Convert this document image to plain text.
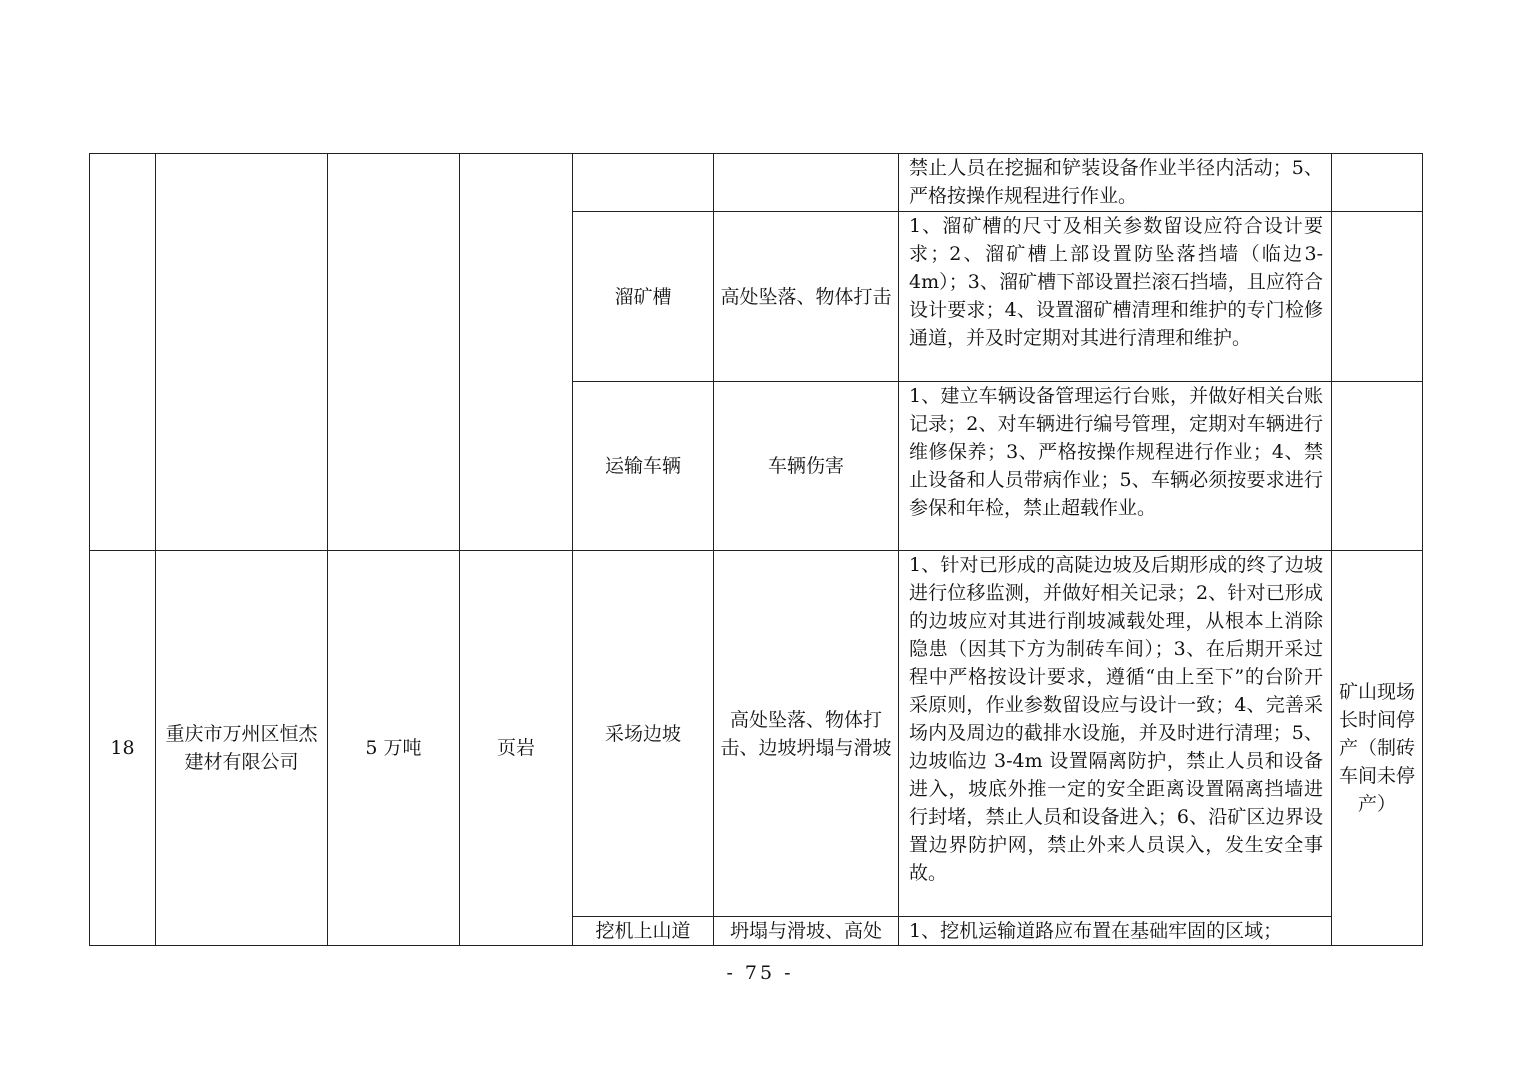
						禁止人员在挖掘和铲装设备作业半径内活动；5、严格按操作规程进行作业。	
				溜矿槽	高处坠落、物体打击	1、溜矿槽的尺寸及相关参数留设应符合设计要求；2、溜矿槽上部设置防坠落挡墙（临边3-4m）；3、溜矿槽下部设置拦滚石挡墙，且应符合设计要求；4、设置溜矿槽清理和维护的专门检修通道，并及时定期对其进行清理和维护。	
				运输车辆	车辆伤害	1、建立车辆设备管理运行台账，并做好相关台账记录；2、对车辆进行编号管理，定期对车辆进行维修保养；3、严格按操作规程进行作业；4、禁止设备和人员带病作业；5、车辆必须按要求进行参保和年检，禁止超载作业。	
18	重庆市万州区恒杰建材有限公司	5 万吨	页岩	采场边坡	高处坠落、物体打击、边坡坍塌与滑坡	1、针对已形成的高陡边坡及后期形成的终了边坡进行位移监测，并做好相关记录；2、针对已形成的边坡应对其进行削坡减载处理，从根本上消除隐患（因其下方为制砖车间）；3、在后期开采过程中严格按设计要求，遵循“由上至下”的台阶开采原则，作业参数留设应与设计一致；4、完善采场内及周边的截排水设施，并及时进行清理；5、边坡临边 3-4m 设置隔离防护，禁止人员和设备进入，坡底外推一定的安全距离设置隔离挡墙进行封堵，禁止人员和设备进入；6、沿矿区边界设置边界防护网，禁止外来人员误入，发生安全事故。	矿山现场长时间停产（制砖车间未停产）
				挖机上山道	坍塌与滑坡、高处	1、挖机运输道路应布置在基础牢固的区域；	
- 75 -
